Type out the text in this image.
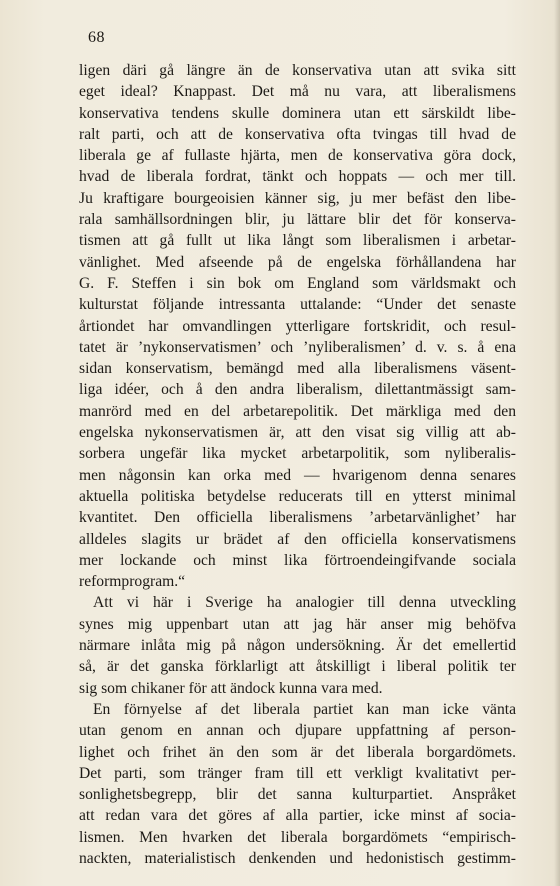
68
ligen däri gå längre än de konservativa utan att svika sitt
eget ideal? Knappast. Det må nu vara, att liberalismens
konservativa tendens skulle dominera utan ett särskildt libe-
ralt parti, och att de konservativa ofta tvingas till hvad de
liberala ge af fullaste hjärta, men de konservativa göra dock,
hvad de liberala fordrat, tänkt och hoppats — och mer till.
Ju kraftigare bourgeoisien känner sig, ju mer befäst den libe-
rala samhällsordningen blir, ju lättare blir det för konserva-
tismen att gå fullt ut lika långt som liberalismen i arbetar-
vänlighet. Med afseende på de engelska förhållandena har
G. F. Steffen i sin bok om England som världsmakt och
kulturstat följande intressanta uttalande: “Under det senaste
årtiondet har omvandlingen ytterligare fortskridit, och resul-
tatet är ’nykonservatismen’ och ’nyliberalismen’ d. v. s. å ena
sidan konservatism, bemängd med alla liberalismens väsent-
liga idéer, och å den andra liberalism, dilettantmässigt sam-
manrörd med en del arbetarepolitik. Det märkliga med den
engelska nykonservatismen är, att den visat sig villig att ab-
sorbera ungefär lika mycket arbetarpolitik, som nyliberalis-
men någonsin kan orka med — hvarigenom denna senares
aktuella politiska betydelse reducerats till en ytterst minimal
kvantitet. Den officiella liberalismens ’arbetarvänlighet’ har
alldeles slagits ur brädet af den officiella konservatismens
mer lockande och minst lika förtroendeingifvande sociala
reformprogram.“
Att vi här i Sverige ha analogier till denna utveckling
synes mig uppenbart utan att jag här anser mig behöfva
närmare inlåta mig på någon undersökning. Är det emellertid
så, är det ganska förklarligt att åtskilligt i liberal politik ter
sig som chikaner för att ändock kunna vara med.
En förnyelse af det liberala partiet kan man icke vänta
utan genom en annan och djupare uppfattning af person-
lighet och frihet än den som är det liberala borgardömets.
Det parti, som tränger fram till ett verkligt kvalitativt per-
sonlighetsbegrepp, blir det sanna kulturpartiet. Anspråket
att redan vara det göres af alla partier, icke minst af socia-
lismen. Men hvarken det liberala borgardömets “empirisch-
nackten, materialistisch denkenden und hedonistisch gestimm-
